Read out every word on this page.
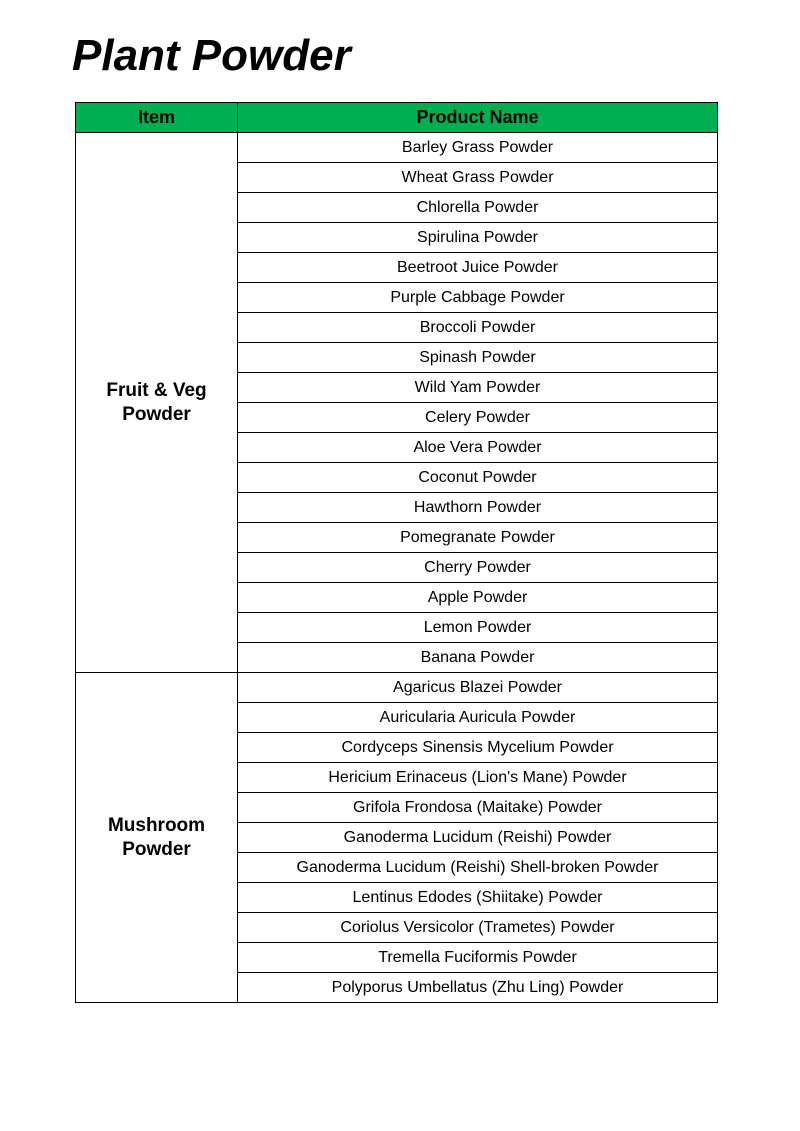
Plant Powder
Item	Product Name

Fruit & Veg
Powder	Barley Grass Powder
	Wheat Grass Powder
	Chlorella Powder
	Spirulina Powder
	Beetroot Juice Powder
	Purple Cabbage Powder
	Broccoli Powder
	Spinash Powder
	Wild Yam Powder
	Celery Powder
	Aloe Vera Powder
	Coconut Powder
	Hawthorn Powder
	Pomegranate Powder
	Cherry Powder
	Apple Powder
	Lemon Powder
	Banana Powder

Mushroom
Powder	Agaricus Blazei Powder
	Auricularia Auricula Powder
	Cordyceps Sinensis Mycelium Powder
	Hericium Erinaceus (Lion's Mane) Powder
	Grifola Frondosa (Maitake) Powder
	Ganoderma Lucidum (Reishi) Powder
	Ganoderma Lucidum (Reishi) Shell-broken Powder
	Lentinus Edodes (Shiitake) Powder
	Coriolus Versicolor (Trametes) Powder
	Tremella Fuciformis Powder
	Polyporus Umbellatus (Zhu Ling) Powder
